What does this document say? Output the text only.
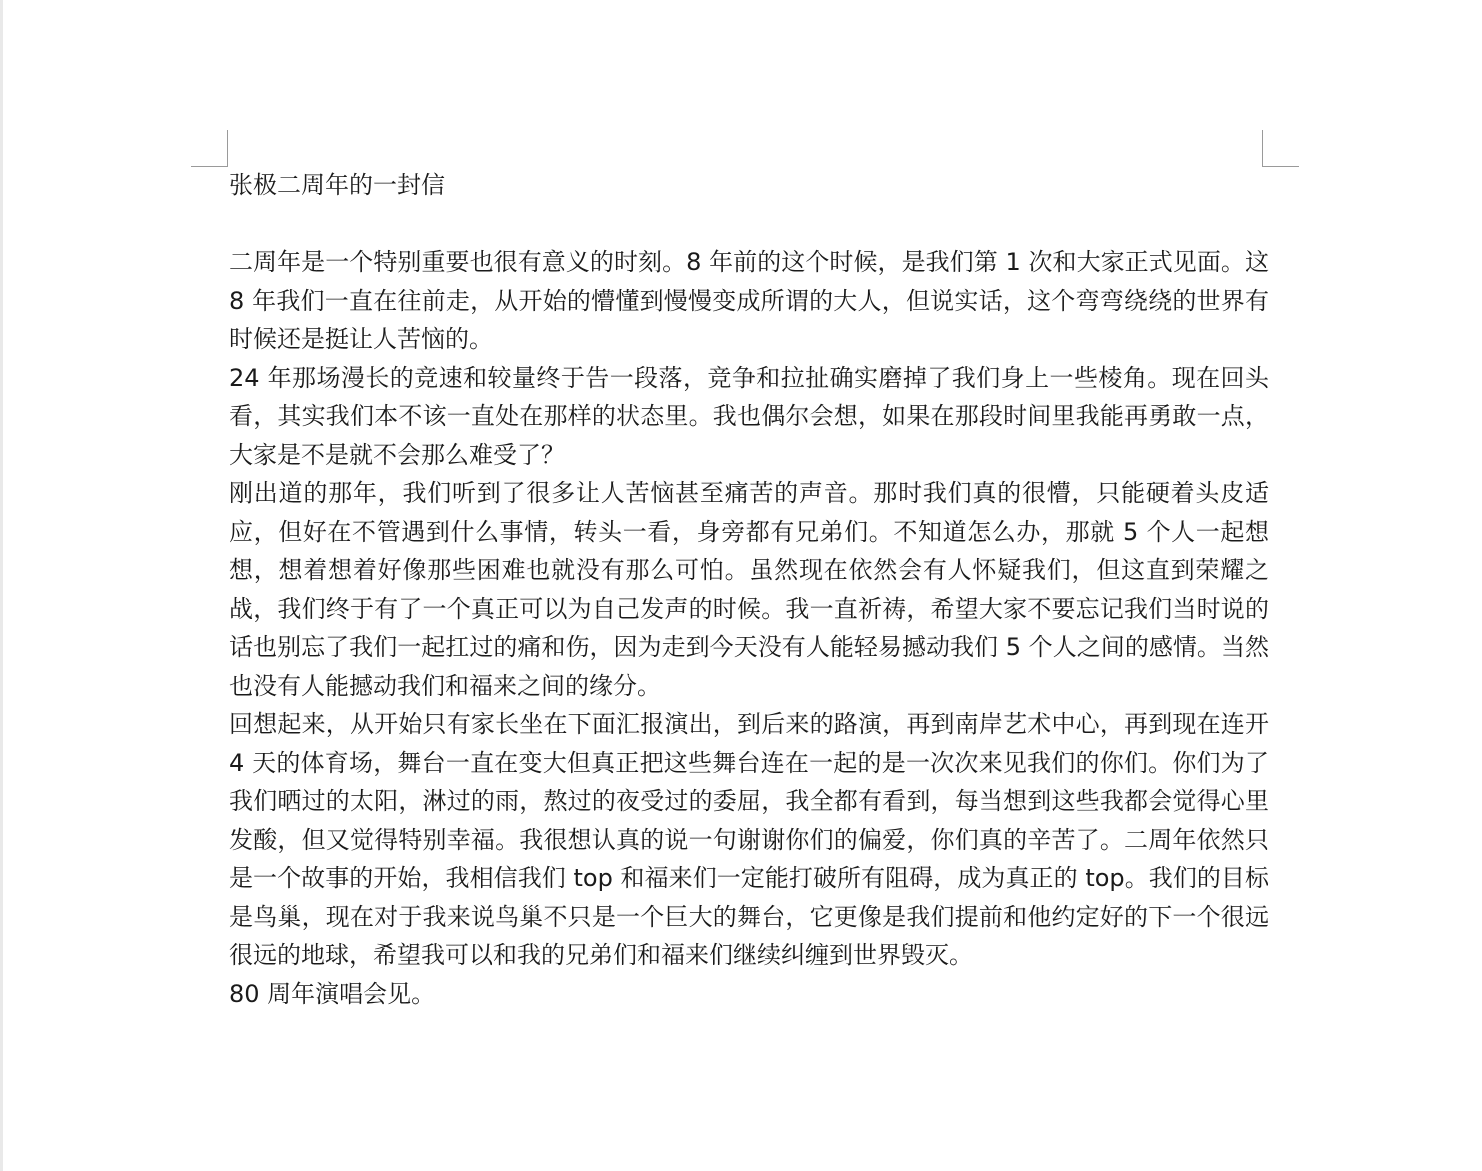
张极二周年的一封信

二周年是一个特别重要也很有意义的时刻。8 年前的这个时候，是我们第 1 次和大家正式见面。这 8 年我们一直在往前走，从开始的懵懂到慢慢变成所谓的大人，但说实话，这个弯弯绕绕的世界有时候还是挺让人苦恼的。

24 年那场漫长的竞速和较量终于告一段落，竞争和拉扯确实磨掉了我们身上一些棱角。现在回头看，其实我们本不该一直处在那样的状态里。我也偶尔会想，如果在那段时间里我能再勇敢一点，大家是不是就不会那么难受了？

刚出道的那年，我们听到了很多让人苦恼甚至痛苦的声音。那时我们真的很懵，只能硬着头皮适应，但好在不管遇到什么事情，转头一看，身旁都有兄弟们。不知道怎么办，那就 5 个人一起想想，想着想着好像那些困难也就没有那么可怕。虽然现在依然会有人怀疑我们，但这直到荣耀之战，我们终于有了一个真正可以为自己发声的时候。我一直祈祷，希望大家不要忘记我们当时说的话也别忘了我们一起扛过的痛和伤，因为走到今天没有人能轻易撼动我们 5 个人之间的感情。当然也没有人能撼动我们和福来之间的缘分。

回想起来，从开始只有家长坐在下面汇报演出，到后来的路演，再到南岸艺术中心，再到现在连开 4 天的体育场，舞台一直在变大但真正把这些舞台连在一起的是一次次来见我们的你们。你们为了我们晒过的太阳，淋过的雨，熬过的夜受过的委屈，我全都有看到，每当想到这些我都会觉得心里发酸，但又觉得特别幸福。我很想认真的说一句谢谢你们的偏爱，你们真的辛苦了。二周年依然只是一个故事的开始，我相信我们 top 和福来们一定能打破所有阻碍，成为真正的 top。我们的目标是鸟巢，现在对于我来说鸟巢不只是一个巨大的舞台，它更像是我们提前和他约定好的下一个很远很远的地球，希望我可以和我的兄弟们和福来们继续纠缠到世界毁灭。

80 周年演唱会见。
